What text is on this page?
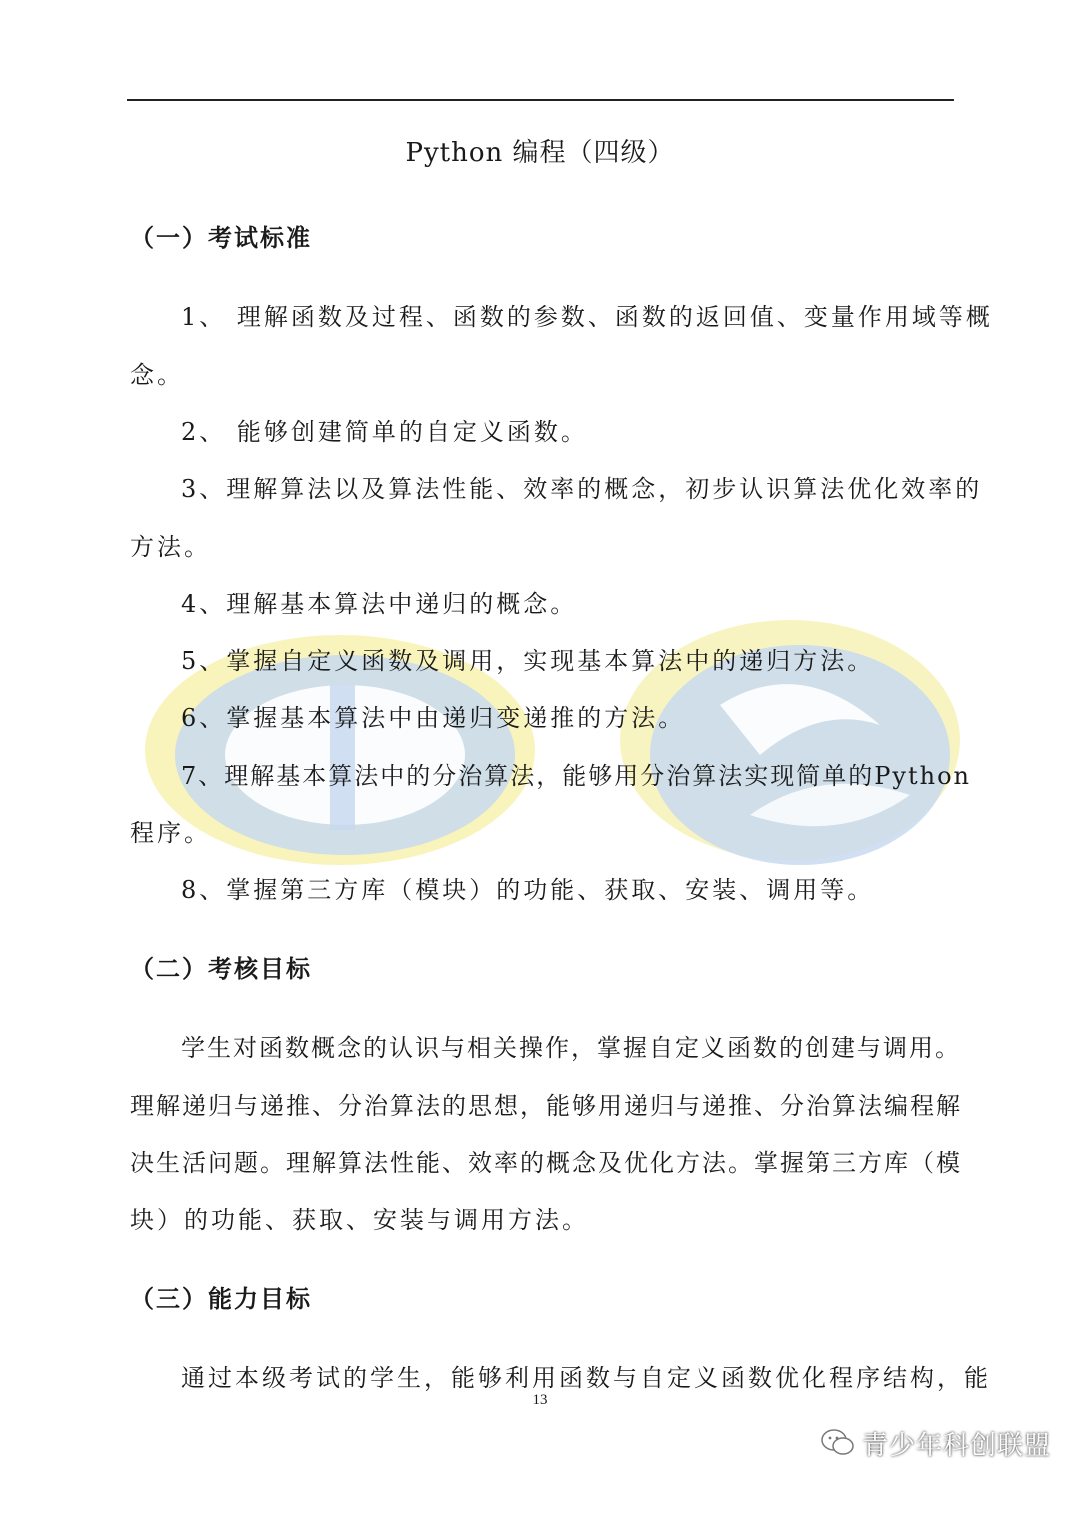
Python 编程（四级）
（一）考试标准
1、 理解函数及过程、函数的参数、函数的返回值、变量作用域等概
念。
2、 能够创建简单的自定义函数。
3、理解算法以及算法性能、效率的概念，初步认识算法优化效率的
方法。
4、理解基本算法中递归的概念。
5、掌握自定义函数及调用，实现基本算法中的递归方法。
6、掌握基本算法中由递归变递推的方法。
7、理解基本算法中的分治算法，能够用分治算法实现简单的Python
程序。
8、掌握第三方库（模块）的功能、获取、安装、调用等。
（二）考核目标
学生对函数概念的认识与相关操作，掌握自定义函数的创建与调用。
理解递归与递推、分治算法的思想，能够用递归与递推、分治算法编程解
决生活问题。理解算法性能、效率的概念及优化方法。掌握第三方库（模
块）的功能、获取、安装与调用方法。
（三）能力目标
通过本级考试的学生，能够利用函数与自定义函数优化程序结构，能
13
青少年科创联盟
